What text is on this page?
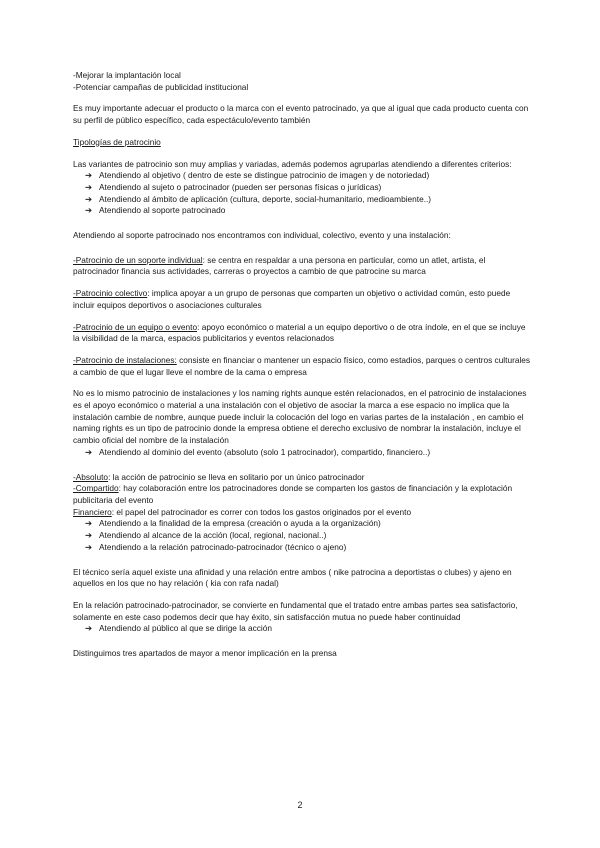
-Mejorar la implantación local

-Potenciar campañas de publicidad institucional

Es muy importante adecuar el producto o la marca con el evento patrocinado, ya que al igual que cada producto cuenta con su perfil de público específico, cada espectáculo/evento también

Tipologías de patrocinio

Las variantes de patrocinio son muy amplias y variadas, además podemos agruparlas atendiendo a diferentes criterios:

➔ Atendiendo al objetivo ( dentro de este se distingue patrocinio de imagen y de notoriedad)
➔ Atendiendo al sujeto o patrocinador (pueden ser personas físicas o jurídicas)
➔ Atendiendo al ámbito de aplicación (cultura, deporte, social-humanitario, medioambiente..)
➔ Atendiendo al soporte patrocinado

Atendiendo al soporte patrocinado nos encontramos con individual, colectivo, evento y una instalación:

-Patrocinio de un soporte individual: se centra en respaldar a una persona en particular, como un atlet, artista, el patrocinador financia sus actividades, carreras o proyectos a cambio de que patrocine su marca

-Patrocinio colectivo: implica apoyar a un grupo de personas que comparten un objetivo o actividad común, esto puede incluir equipos deportivos o asociaciones culturales

-Patrocinio de un equipo o evento: apoyo económico o material a un equipo deportivo o de otra índole, en el que se incluye la visibilidad de la marca, espacios publicitarios y eventos relacionados

-Patrocinio de instalaciones: consiste en financiar o mantener un espacio físico, como estadios, parques o centros culturales a cambio de que el lugar lleve el nombre de la cama o empresa

No es lo mismo patrocinio de instalaciones y los naming rights aunque estén relacionados, en el patrocinio de instalaciones es el apoyo económico o material a una instalación con el objetivo de asociar la marca a ese espacio no implica que la instalación cambie de nombre, aunque puede incluir la colocación del logo en varias partes de la instalación , en cambio el naming rights es un tipo de patrocinio donde la empresa obtiene el derecho exclusivo de nombrar la instalación, incluye el cambio oficial del nombre de la instalación

➔ Atendiendo al dominio del evento (absoluto (solo 1 patrocinador), compartido, financiero..)

-Absoluto: la acción de patrocinio se lleva en solitario por un único patrocinador

-Compartido: hay colaboración entre los patrocinadores donde se comparten los gastos de financiación y la explotación publicitaria del evento

Financiero: el papel del patrocinador es correr con todos los gastos originados por el evento

➔ Atendiendo a la finalidad de la empresa (creación o ayuda a la organización)
➔ Atendiendo al alcance de la acción (local, regional, nacional..)
➔ Atendiendo a la relación patrocinado-patrocinador (técnico o ajeno)

El técnico sería aquel existe una afinidad y una relación entre ambos ( nike patrocina a deportistas o clubes) y ajeno en aquellos en los que no hay relación ( kia con rafa nadal)

En la relación patrocinado-patrocinador, se convierte en fundamental que el tratado entre ambas partes sea satisfactorio, solamente en este caso podemos decir que hay éxito, sin satisfacción mutua no puede haber continuidad

➔ Atendiendo al público al que se dirige la acción

Distinguimos tres apartados de mayor a menor implicación en la prensa

2
